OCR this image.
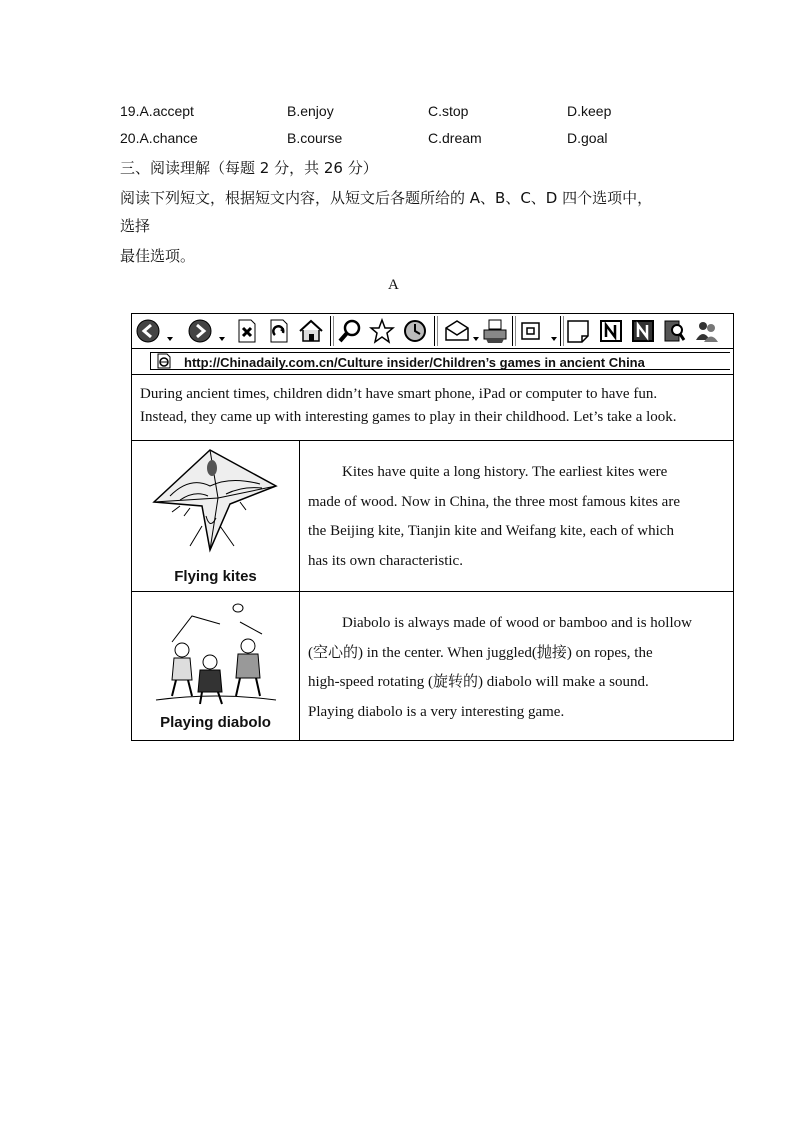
19.A.accept	B.enjoy	C.stop	D.keep
20.A.chance	B.course	C.dream	D.goal
三、阅读理解（每题 2 分，共 26 分）
阅读下列短文，根据短文内容，从短文后各题所给的 A、B、C、D 四个选项中，
选择
最佳选项。
A
http://Chinadaily.com.cn/Culture insider/Children’s games in ancient China

During ancient times, children didn’t have smart phone, iPad or computer to have fun.

Instead, they came up with interesting games to play in their childhood. Let’s take a look.

Flying kites

Kites have quite a long history. The earliest kites were

made of wood. Now in China, the three most famous kites are

the Beijing kite, Tianjin kite and Weifang kite, each of which

has its own characteristic.

Playing diabolo

Diabolo is always made of wood or bamboo and is hollow

(空心的) in the center. When juggled(抛接) on ropes, the

high-speed rotating (旋转的) diabolo will make a sound.

Playing diabolo is a very interesting game.
